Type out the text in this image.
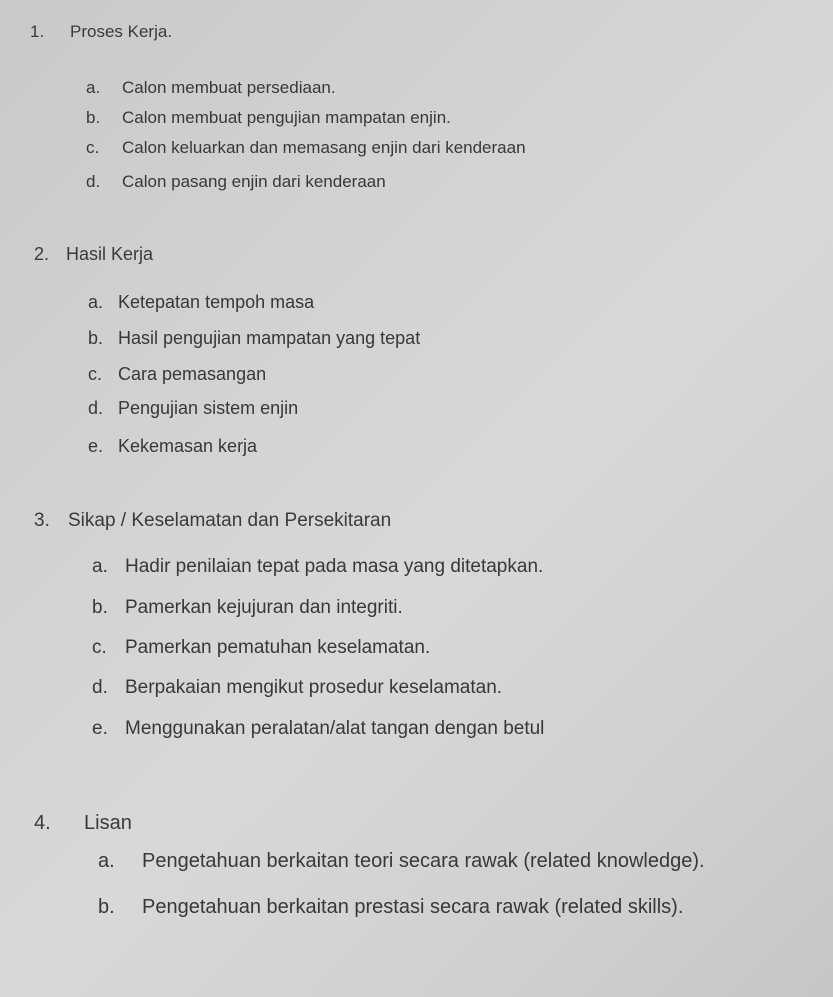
1. Proses Kerja.
a. Calon membuat persediaan.
b. Calon membuat pengujian mampatan enjin.
c. Calon keluarkan dan memasang enjin dari kenderaan
d. Calon pasang enjin dari kenderaan
2. Hasil Kerja
a. Ketepatan tempoh masa
b. Hasil pengujian mampatan yang tepat
c. Cara pemasangan
d. Pengujian sistem enjin
e. Kekemasan kerja
3. Sikap / Keselamatan dan Persekitaran
a. Hadir penilaian tepat pada masa yang ditetapkan.
b. Pamerkan kejujuran dan integriti.
c. Pamerkan pematuhan keselamatan.
d. Berpakaian mengikut prosedur keselamatan.
e. Menggunakan peralatan/alat tangan dengan betul
4. Lisan
a. Pengetahuan berkaitan teori secara rawak (related knowledge).
b. Pengetahuan berkaitan prestasi secara rawak (related skills).
